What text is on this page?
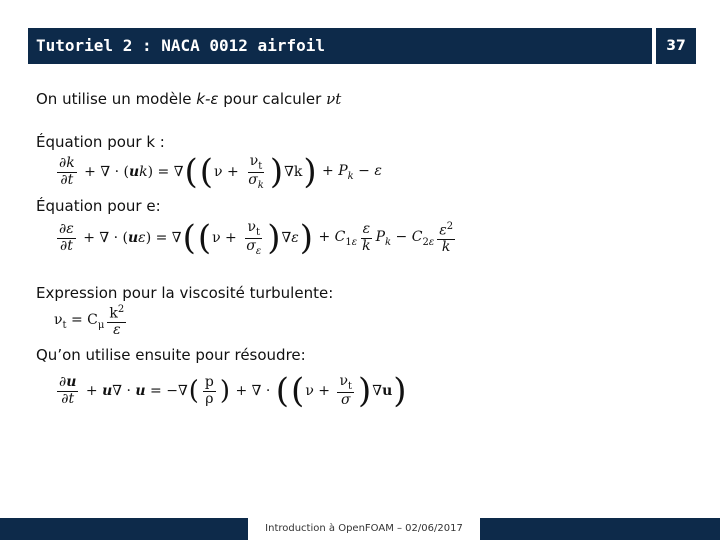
Tutoriel 2 : NACA 0012 airfoil	37
On utilise un modèle k-ε pour calculer νt
Équation pour k :
$\frac{\partial k}{\partial t}$ + ∇ · (uk) = ∇ ( ( $\nu + \frac{\nu_t}{\sigma_k}$ ) ∇k ) + $P_k - \varepsilon$
Équation pour e:
$\frac{\partial\varepsilon}{\partial t}$ + ∇ · (uε) = ∇ ( ( $\nu + \frac{\nu_t}{\sigma_\varepsilon}$ ) ∇ε ) + $C_{1\varepsilon} \frac{\varepsilon}{k} P_k - C_{2\varepsilon} \frac{\varepsilon^2}{k}$
Expression pour la viscosité turbulente:
$\nu_t = C_\mu \frac{k^2}{\varepsilon}$
Qu’on utilise ensuite pour résoudre:
$\frac{\partial u}{\partial t} + u\nabla \cdot u$ = −∇ ( $\frac{p}{\rho}$ ) + ∇ · ( ( $\nu + \frac{\nu_t}{\sigma}$ ) ∇u )
Introduction à OpenFOAM – 02/06/2017
